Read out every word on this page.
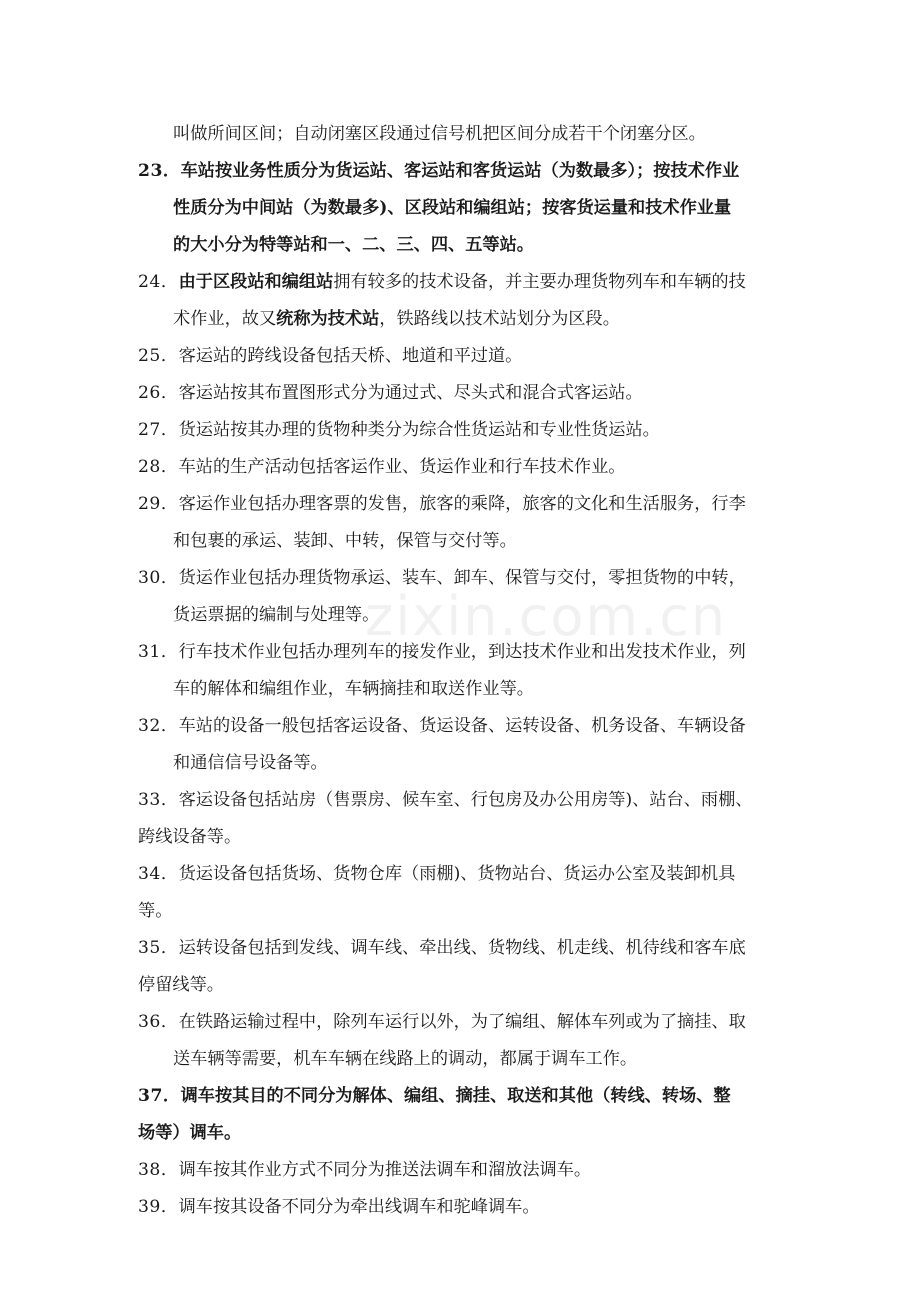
zixin.com.cn
叫做所间区间；自动闭塞区段通过信号机把区间分成若干个闭塞分区。
23．车站按业务性质分为货运站、客运站和客货运站（为数最多）；按技术作业
性质分为中间站（为数最多)、区段站和编组站；按客货运量和技术作业量
的大小分为特等站和一、二、三、四、五等站。
24．由于区段站和编组站拥有较多的技术设备，并主要办理货物列车和车辆的技
术作业，故又统称为技术站，铁路线以技术站划分为区段。
25．客运站的跨线设备包括天桥、地道和平过道。
26．客运站按其布置图形式分为通过式、尽头式和混合式客运站。
27．货运站按其办理的货物种类分为综合性货运站和专业性货运站。
28．车站的生产活动包括客运作业、货运作业和行车技术作业。
29．客运作业包括办理客票的发售，旅客的乘降，旅客的文化和生活服务，行李
和包裹的承运、装卸、中转，保管与交付等。
30．货运作业包括办理货物承运、装车、卸车、保管与交付，零担货物的中转，
货运票据的编制与处理等。
31．行车技术作业包括办理列车的接发作业，到达技术作业和出发技术作业，列
车的解体和编组作业，车辆摘挂和取送作业等。
32．车站的设备一般包括客运设备、货运设备、运转设备、机务设备、车辆设备
和通信信号设备等。
33．客运设备包括站房（售票房、候车室、行包房及办公用房等)、站台、雨棚、
跨线设备等。
34．货运设备包括货场、货物仓库（雨棚)、货物站台、货运办公室及装卸机具
等。
35．运转设备包括到发线、调车线、牵出线、货物线、机走线、机待线和客车底
停留线等。
36．在铁路运输过程中，除列车运行以外，为了编组、解体车列或为了摘挂、取
送车辆等需要，机车车辆在线路上的调动，都属于调车工作。
37．调车按其目的不同分为解体、编组、摘挂、取送和其他（转线、转场、整
场等）调车。
38．调车按其作业方式不同分为推送法调车和溜放法调车。
39．调车按其设备不同分为牵出线调车和驼峰调车。
